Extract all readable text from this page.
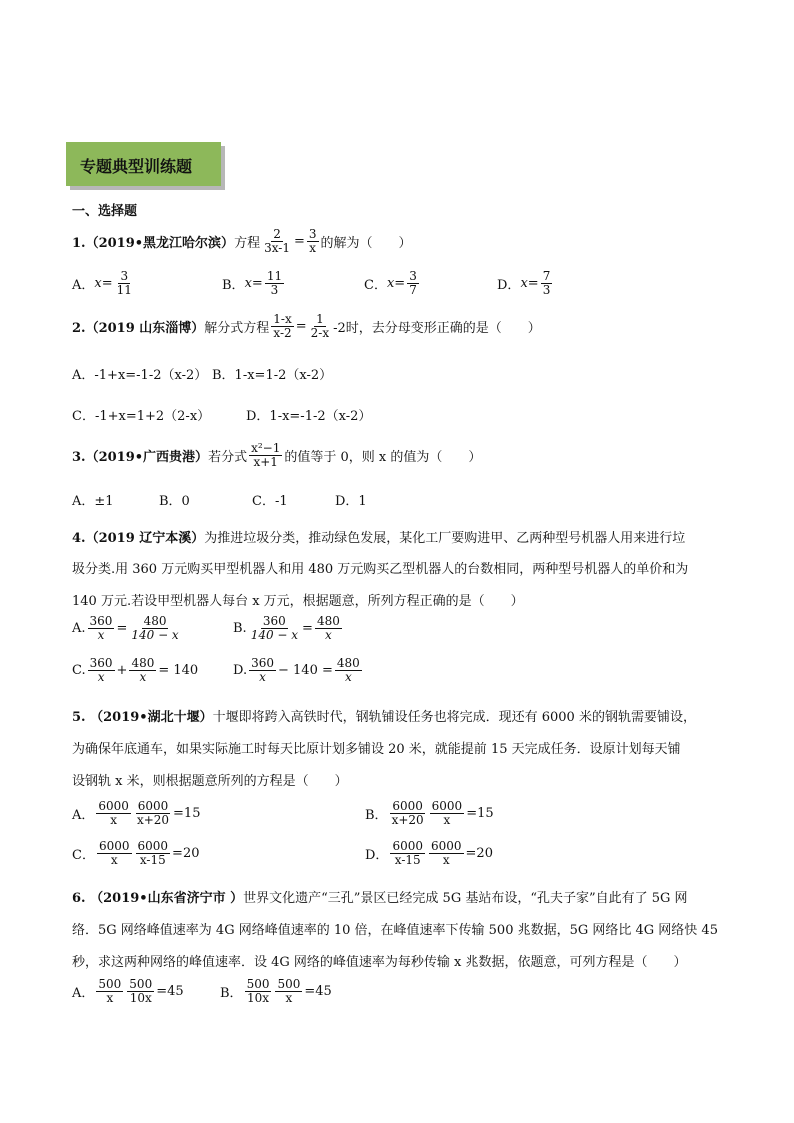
专题典型训练题
一、选择题
1.（2019•黑龙江哈尔滨） 方程 $\frac{2}{3x-1} = \frac{3}{x}$ 的解为（　　）
A． $x = \frac{3}{11}$	B． $x = \frac{11}{3}$	C． $x = \frac{3}{7}$	D． $x = \frac{7}{3}$
2.（2019 山东淄博） 解分式方程 $\frac{1-x}{x-2} = \frac{1}{2-x} -2$时，去分母变形正确的是（　　）
A．-1+x=-1-2（x-2） B．1-x=1-2（x-2）
C．-1+x=1+2（2-x）	D．1-x=-1-2（x-2）
3.（2019•广西贵港） 若分式 $\frac{\text{x²−1}}{x+1}$ 的值等于 0，则 x 的值为（　　）
A．±1	B．0	C．-1	D．1
4.（2019 辽宁本溪）为推进垃圾分类，推动绿色发展，某化工厂要购进甲、乙两种型号机器人用来进行垃
圾分类.用 360 万元购买甲型机器人和用 480 万元购买乙型机器人的台数相同，两种型号机器人的单价和为
140 万元.若设甲型机器人每台 x 万元，根据题意，所列方程正确的是（　　）
A. $\frac{360}{x} = \frac{480}{140 - x}$	B. $\frac{360}{140 - x} = \frac{480}{x}$
C. $\frac{360}{x} + \frac{480}{x} = 140$	D. $\frac{360}{x} - 140 = \frac{480}{x}$
5. （2019•湖北十堰）十堰即将跨入高铁时代，钢轨铺设任务也将完成．现还有 6000 米的钢轨需要铺设，
为确保年底通车，如果实际施工时每天比原计划多铺设 20 米，就能提前 15 天完成任务．设原计划每天铺
设钢轨 x 米，则根据题意所列的方程是（　　）
A． $\frac{6000}{x} \frac{6000}{x+20} =15$	B． $\frac{6000}{x+20} \frac{6000}{x} =15$
C． $\frac{6000}{x} \frac{6000}{x-15} =20$	D． $\frac{6000}{x-15} \frac{6000}{x} =20$
6. （2019•山东省济宁市 ）世界文化遗产“三孔”景区已经完成 5G 基站布设，“孔夫子家”自此有了 5G 网
络．5G 网络峰值速率为 4G 网络峰值速率的 10 倍，在峰值速率下传输 500 兆数据，5G 网络比 4G 网络快 45
秒，求这两种网络的峰值速率．设 4G 网络的峰值速率为每秒传输 x 兆数据，依题意，可列方程是（　　）
A． $\frac{500}{x} \frac{500}{10x} =45$	B． $\frac{500}{10x} \frac{500}{x} =45$
